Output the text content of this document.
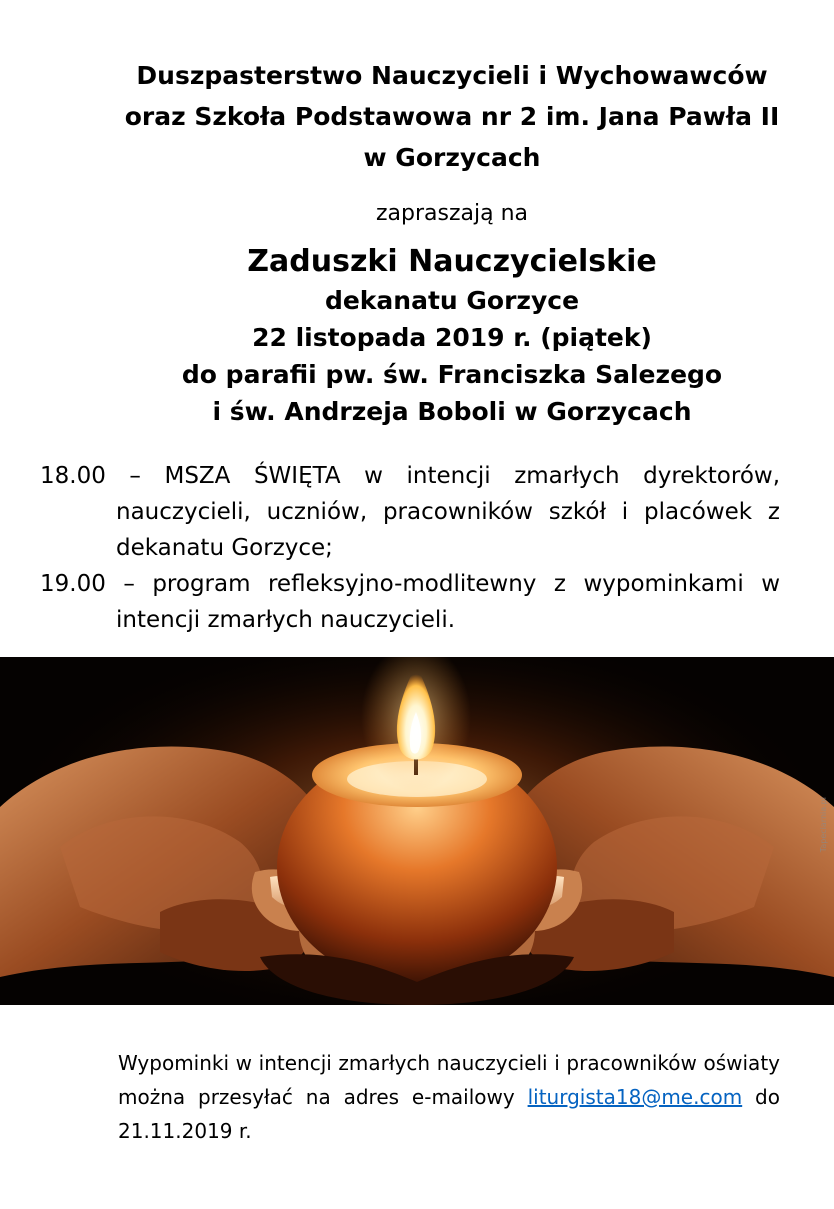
Duszpasterstwo Nauczycieli i Wychowawców
oraz Szkoła Podstawowa nr 2 im. Jana Pawła II
w Gorzycach
zapraszają na
Zaduszki Nauczycielskie
dekanatu Gorzyce
22 listopada 2019 r. (piątek)
do parafii pw. św. Franciszka Salezego
i św. Andrzeja Boboli w Gorzycach
18.00 – MSZA ŚWIĘTA w intencji zmarłych dyrektorów, nauczycieli, uczniów, pracowników szkół i placówek z dekanatu Gorzyce;
19.00 – program refleksyjno-modlitewny z wypominkami w intencji zmarłych nauczycieli.
Tapeciarnia.pl
Wypominki w intencji zmarłych nauczycieli i pracowników oświaty można przesyłać na adres e-mailowy liturgista18@me.com do 21.11.2019 r.
